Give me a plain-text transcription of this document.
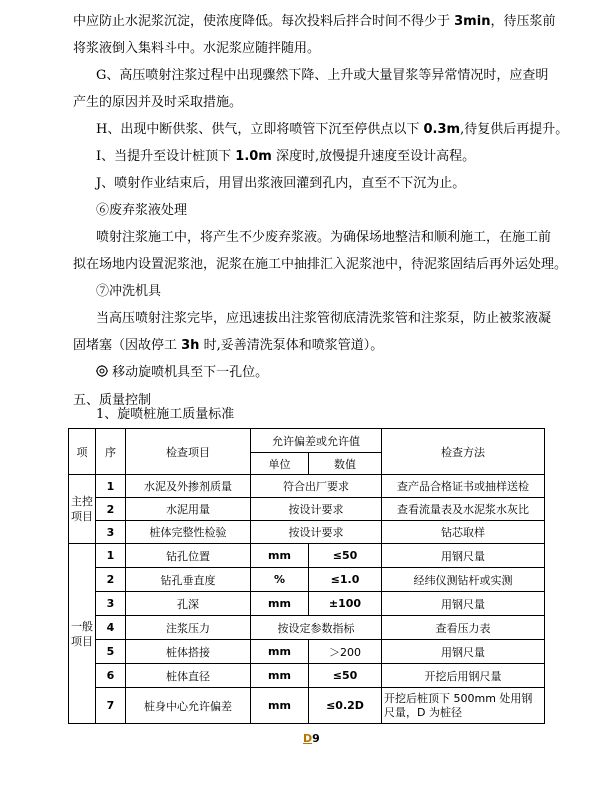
中应防止水泥浆沉淀，使浓度降低。每次投料后拌合时间不得少于 3min，待压浆前
将浆液倒入集料斗中。水泥浆应随拌随用。
G、高压喷射注浆过程中出现骤然下降、上升或大量冒浆等异常情况时，应查明
产生的原因并及时采取措施。
H、出现中断供浆、供气，立即将喷管下沉至停供点以下 0.3m,待复供后再提升。
I、当提升至设计桩顶下 1.0m 深度时,放慢提升速度至设计高程。
J、喷射作业结束后，用冒出浆液回灌到孔内，直至不下沉为止。
⑥废弃浆液处理
喷射注浆施工中，将产生不少废弃浆液。为确保场地整洁和顺利施工，在施工前
拟在场地内设置泥浆池，泥浆在施工中抽排汇入泥浆池中，待泥浆固结后再外运处理。
⑦冲洗机具
当高压喷射注浆完毕，应迅速拔出注浆管彻底清洗浆管和注浆泵，防止被浆液凝
固堵塞（因故停工 3h 时,妥善清洗泵体和喷浆管道）。
移动旋喷机具至下一孔位。
五、质量控制
1、旋喷桩施工质量标准
项	序	检查项目	允许偏差或允许值		检查方法
			单位	数值	
主控项目	1	水泥及外掺剂质量	符合出厂要求		查产品合格证书或抽样送检
	2	水泥用量	按设计要求		查看流量表及水泥浆水灰比
	3	桩体完整性检验	按设计要求		钻芯取样
一般项目	1	钻孔位置	mm	≤50	用钢尺量
	2	钻孔垂直度	%	≤1.0	经纬仪测钻杆或实测
	3	孔深	mm	±100	用钢尺量
	4	注浆压力	按设定参数指标		查看压力表
	5	桩体搭接	mm	＞200	用钢尺量
	6	桩体直径	mm	≤50	开挖后用钢尺量
	7	桩身中心允许偏差	mm	≤0.2D	开挖后桩顶下 500mm 处用钢尺量，D 为桩径
D9
